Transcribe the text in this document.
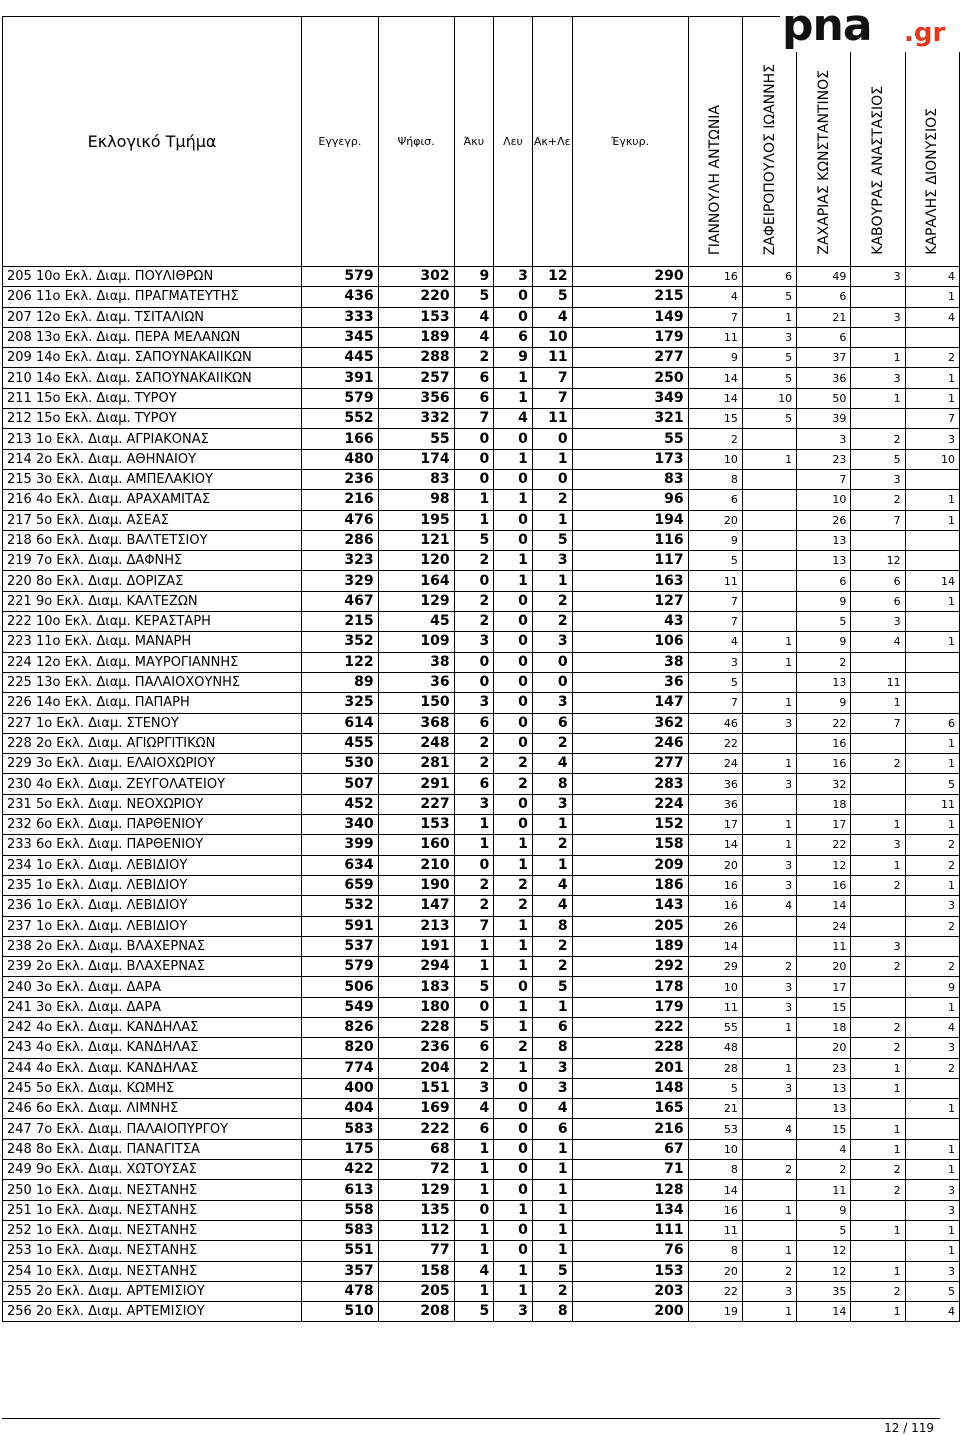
pna .gr
Εκλογικό Τμήμα	Εγγεγρ.	Ψήφισ.	Άκυ	Λευ	Ακ+Λε	Έγκυρ.	ΓΙΑΝΝΟΥΛΗ ΑΝΤΩΝΙΑ	ΖΑΦΕΙΡΟΠΟΥΛΟΣ ΙΩΑΝΝΗΣ	ΖΑΧΑΡΙΑΣ ΚΩΝΣΤΑΝΤΙΝΟΣ	ΚΑΒΟΥΡΑΣ ΑΝΑΣΤΑΣΙΟΣ	ΚΑΡΑΛΗΣ ΔΙΟΝΥΣΙΟΣ
205 10ο Εκλ. Διαμ. ΠΟΥΛΙΘΡΩΝ	579	302	9	3	12	290	16	6	49	3	4
206 11ο Εκλ. Διαμ. ΠΡΑΓΜΑΤΕΥΤΗΣ	436	220	5	0	5	215	4	5	6		1
207 12ο Εκλ. Διαμ. ΤΣΙΤΑΛΙΩΝ	333	153	4	0	4	149	7	1	21	3	4
208 13ο Εκλ. Διαμ. ΠΕΡΑ ΜΕΛΑΝΩΝ	345	189	4	6	10	179	11	3	6		
209 14ο Εκλ. Διαμ. ΣΑΠΟΥΝΑΚΑΙΙΚΩΝ	445	288	2	9	11	277	9	5	37	1	2
210 14ο Εκλ. Διαμ. ΣΑΠΟΥΝΑΚΑΙΙΚΩΝ	391	257	6	1	7	250	14	5	36	3	1
211 15ο Εκλ. Διαμ. ΤΥΡΟΥ	579	356	6	1	7	349	14	10	50	1	1
212 15ο Εκλ. Διαμ. ΤΥΡΟΥ	552	332	7	4	11	321	15	5	39		7
213 1ο Εκλ. Διαμ. ΑΓΡΙΑΚΟΝΑΣ	166	55	0	0	0	55	2		3	2	3
214 2ο Εκλ. Διαμ. ΑΘΗΝΑΙΟΥ	480	174	0	1	1	173	10	1	23	5	10
215 3ο Εκλ. Διαμ. ΑΜΠΕΛΑΚΙΟΥ	236	83	0	0	0	83	8		7	3	
216 4ο Εκλ. Διαμ. ΑΡΑΧΑΜΙΤΑΣ	216	98	1	1	2	96	6		10	2	1
217 5ο Εκλ. Διαμ. ΑΣΕΑΣ	476	195	1	0	1	194	20		26	7	1
218 6ο Εκλ. Διαμ. ΒΑΛΤΕΤΣΙΟΥ	286	121	5	0	5	116	9		13		
219 7ο Εκλ. Διαμ. ΔΑΦΝΗΣ	323	120	2	1	3	117	5		13	12	
220 8ο Εκλ. Διαμ. ΔΟΡΙΖΑΣ	329	164	0	1	1	163	11		6	6	14
221 9ο Εκλ. Διαμ. ΚΑΛΤΕΖΩΝ	467	129	2	0	2	127	7		9	6	1
222 10ο Εκλ. Διαμ. ΚΕΡΑΣΤΑΡΗ	215	45	2	0	2	43	7		5	3	
223 11ο Εκλ. Διαμ. ΜΑΝΑΡΗ	352	109	3	0	3	106	4	1	9	4	1
224 12ο Εκλ. Διαμ. ΜΑΥΡΟΓΙΑΝΝΗΣ	122	38	0	0	0	38	3	1	2		
225 13ο Εκλ. Διαμ. ΠΑΛΑΙΟΧΟΥΝΗΣ	89	36	0	0	0	36	5		13	11	
226 14ο Εκλ. Διαμ. ΠΑΠΑΡΗ	325	150	3	0	3	147	7	1	9	1	
227 1ο Εκλ. Διαμ. ΣΤΕΝΟΥ	614	368	6	0	6	362	46	3	22	7	6
228 2ο Εκλ. Διαμ. ΑΓΙΩΡΓΙΤΙΚΩΝ	455	248	2	0	2	246	22		16		1
229 3ο Εκλ. Διαμ. ΕΛΑΙΟΧΩΡΙΟΥ	530	281	2	2	4	277	24	1	16	2	1
230 4ο Εκλ. Διαμ. ΖΕΥΓΟΛΑΤΕΙΟΥ	507	291	6	2	8	283	36	3	32		5
231 5ο Εκλ. Διαμ. ΝΕΟΧΩΡΙΟΥ	452	227	3	0	3	224	36		18		11
232 6ο Εκλ. Διαμ. ΠΑΡΘΕΝΙΟΥ	340	153	1	0	1	152	17	1	17	1	1
233 6ο Εκλ. Διαμ. ΠΑΡΘΕΝΙΟΥ	399	160	1	1	2	158	14	1	22	3	2
234 1ο Εκλ. Διαμ. ΛΕΒΙΔΙΟΥ	634	210	0	1	1	209	20	3	12	1	2
235 1ο Εκλ. Διαμ. ΛΕΒΙΔΙΟΥ	659	190	2	2	4	186	16	3	16	2	1
236 1ο Εκλ. Διαμ. ΛΕΒΙΔΙΟΥ	532	147	2	2	4	143	16	4	14		3
237 1ο Εκλ. Διαμ. ΛΕΒΙΔΙΟΥ	591	213	7	1	8	205	26		24		2
238 2ο Εκλ. Διαμ. ΒΛΑΧΕΡΝΑΣ	537	191	1	1	2	189	14		11	3	
239 2ο Εκλ. Διαμ. ΒΛΑΧΕΡΝΑΣ	579	294	1	1	2	292	29	2	20	2	2
240 3ο Εκλ. Διαμ. ΔΑΡΑ	506	183	5	0	5	178	10	3	17		9
241 3ο Εκλ. Διαμ. ΔΑΡΑ	549	180	0	1	1	179	11	3	15		1
242 4ο Εκλ. Διαμ. ΚΑΝΔΗΛΑΣ	826	228	5	1	6	222	55	1	18	2	4
243 4ο Εκλ. Διαμ. ΚΑΝΔΗΛΑΣ	820	236	6	2	8	228	48		20	2	3
244 4ο Εκλ. Διαμ. ΚΑΝΔΗΛΑΣ	774	204	2	1	3	201	28	1	23	1	2
245 5ο Εκλ. Διαμ. ΚΩΜΗΣ	400	151	3	0	3	148	5	3	13	1	
246 6ο Εκλ. Διαμ. ΛΙΜΝΗΣ	404	169	4	0	4	165	21		13		1
247 7ο Εκλ. Διαμ. ΠΑΛΑΙΟΠΥΡΓΟΥ	583	222	6	0	6	216	53	4	15	1	
248 8ο Εκλ. Διαμ. ΠΑΝΑΓΙΤΣΑ	175	68	1	0	1	67	10		4	1	1
249 9ο Εκλ. Διαμ. ΧΩΤΟΥΣΑΣ	422	72	1	0	1	71	8	2	2	2	1
250 1ο Εκλ. Διαμ. ΝΕΣΤΑΝΗΣ	613	129	1	0	1	128	14		11	2	3
251 1ο Εκλ. Διαμ. ΝΕΣΤΑΝΗΣ	558	135	0	1	1	134	16	1	9		3
252 1ο Εκλ. Διαμ. ΝΕΣΤΑΝΗΣ	583	112	1	0	1	111	11		5	1	1
253 1ο Εκλ. Διαμ. ΝΕΣΤΑΝΗΣ	551	77	1	0	1	76	8	1	12		1
254 1ο Εκλ. Διαμ. ΝΕΣΤΑΝΗΣ	357	158	4	1	5	153	20	2	12	1	3
255 2ο Εκλ. Διαμ. ΑΡΤΕΜΙΣΙΟΥ	478	205	1	1	2	203	22	3	35	2	5
256 2ο Εκλ. Διαμ. ΑΡΤΕΜΙΣΙΟΥ	510	208	5	3	8	200	19	1	14	1	4
12 / 119
